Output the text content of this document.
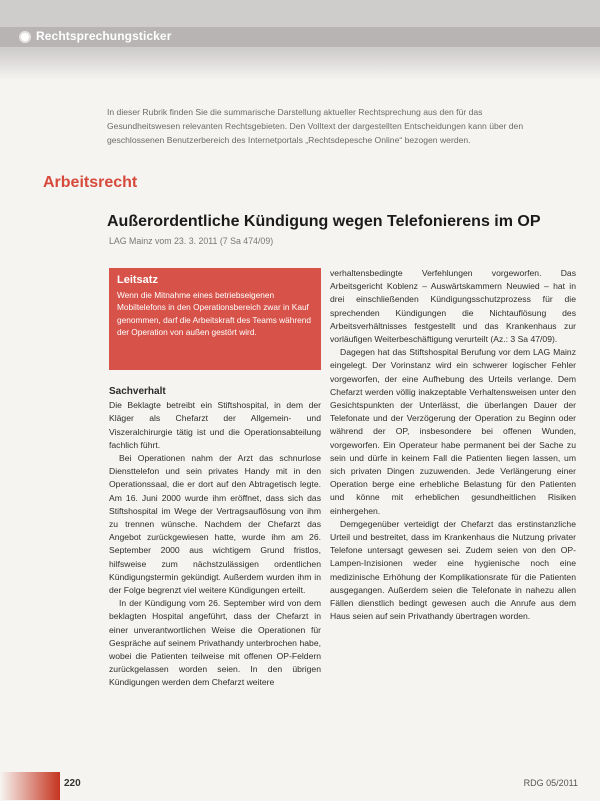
Rechtsprechungsticker
In dieser Rubrik finden Sie die summarische Darstellung aktueller Rechtsprechung aus den für das Gesundheitswesen relevanten Rechtsgebieten. Den Volltext der dargestellten Entscheidungen kann über den geschlossenen Benutzerbereich des Internetportals „Rechtsdepesche Online“ bezogen werden.
Arbeitsrecht
Außerordentliche Kündigung wegen Telefonierens im OP
LAG Mainz vom 23. 3. 2011 (7 Sa 474/09)
Leitsatz
Wenn die Mitnahme eines betriebseigenen Mobiltelefons in den Operationsbereich zwar in Kauf genommen, darf die Arbeitskraft des Teams während der Operation von außen gestört wird.
Sachverhalt

Die Beklagte betreibt ein Stiftshospital, in dem der Kläger als Chefarzt der Allgemein- und Viszeralchirurgie tätig ist und die Operationsabteilung fachlich führt.

Bei Operationen nahm der Arzt das schnurlose Diensttelefon und sein privates Handy mit in den Operationssaal, die er dort auf den Abtragetisch legte. Am 16. Juni 2000 wurde ihm eröffnet, dass sich das Stiftshospital im Wege der Vertragsauflösung von ihm zu trennen wünsche. Nachdem der Chefarzt das Angebot zurückgewiesen hatte, wurde ihm am 26. September 2000 aus wichtigem Grund fristlos, hilfsweise zum nächstzulässigen ordentlichen Kündigungstermin gekündigt. Außerdem wurden ihm in der Folge begrenzt viel weitere Kündigungen erteilt.

In der Kündigung vom 26. September wird von dem beklagten Hospital angeführt, dass der Chefarzt in einer unverantwortlichen Weise die Operationen für Gespräche auf seinem Privathandy unterbrochen habe, wobei die Patienten teilweise mit offenen OP-Feldern zurückgelassen worden seien. In den übrigen Kündigungen werden dem Chefarzt weitere

verhaltensbedingte Verfehlungen vorgeworfen. Das Arbeitsgericht Koblenz – Auswärtskammern Neuwied – hat in drei einschließenden Kündigungsschutzprozess für die sprechenden Kündigungen die Nichtauflösung des Arbeitsverhältnisses festgestellt und das Krankenhaus zur vorläufigen Weiterbeschäftigung verurteilt (Az.: 3 Sa 47/09).

Dagegen hat das Stiftshospital Berufung vor dem LAG Mainz eingelegt. Der Vorinstanz wird ein schwerer logischer Fehler vorgeworfen, der eine Aufhebung des Urteils verlange. Dem Chefarzt werden völlig inakzeptable Verhaltensweisen unter den Gesichtspunkten der Unterlässt, die überlangen Dauer der Telefonate und der Verzögerung der Operation zu Beginn oder während der OP, insbesondere bei offenen Wunden, vorgeworfen. Ein Operateur habe permanent bei der Sache zu sein und dürfe in keinem Fall die Patienten liegen lassen, um sich privaten Dingen zuzuwenden. Jede Verlängerung einer Operation berge eine erhebliche Belastung für den Patienten und könne mit erheblichen gesundheitlichen Risiken einhergehen.

Demgegenüber verteidigt der Chefarzt das erstinstanzliche Urteil und bestreitet, dass im Krankenhaus die Nutzung privater Telefone untersagt gewesen sei. Zudem seien von den OP-Lampen-Inzisionen weder eine hygienische noch eine medizinische Erhöhung der Komplikationsrate für die Patienten ausgegangen. Außerdem seien die Telefonate in nahezu allen Fällen dienstlich bedingt gewesen auch die Anrufe aus dem Haus seien auf sein Privathandy übertragen worden.

220	RDG 05/2011
